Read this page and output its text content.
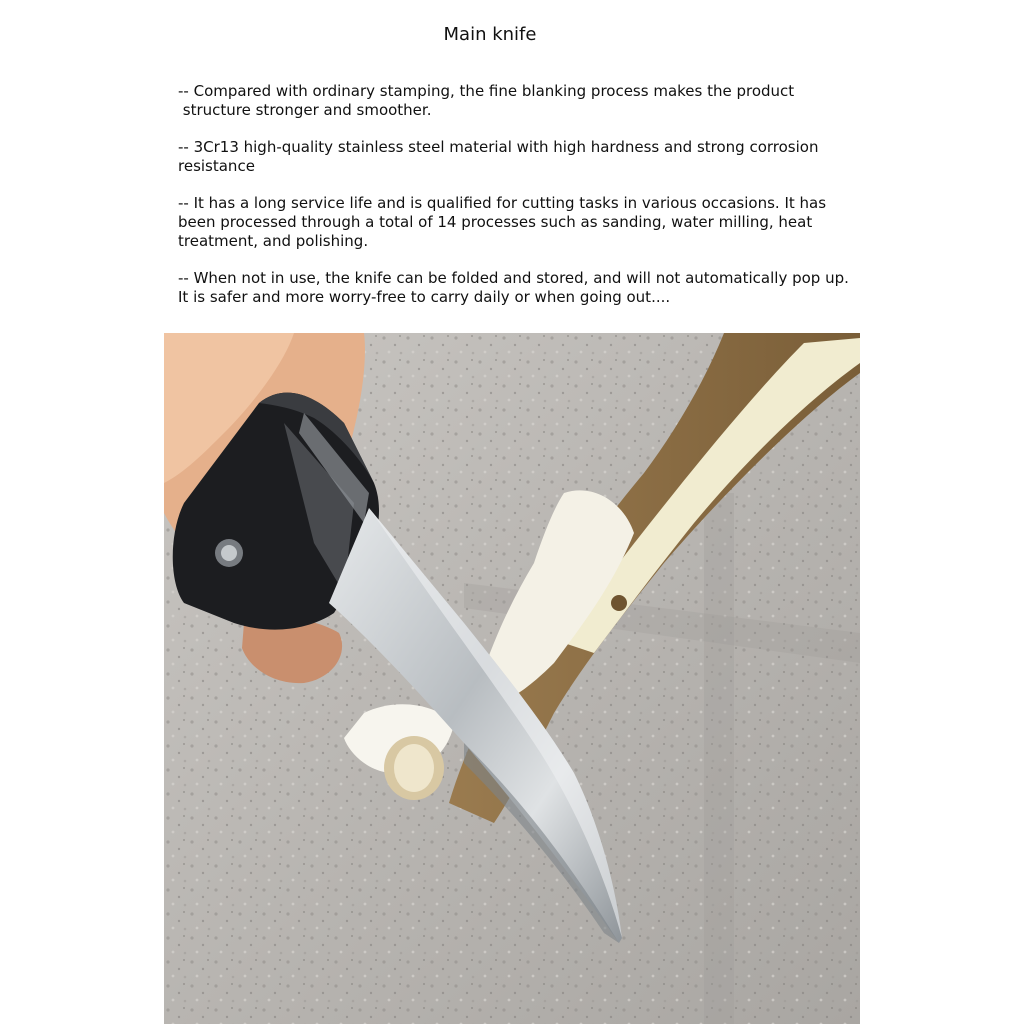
Main knife

-- Compared with ordinary stamping, the fine blanking process makes the product
structure stronger and smoother.

-- 3Cr13 high-quality stainless steel material with high hardness and strong corrosion
resistance

-- It has a long service life and is qualified for cutting tasks in various occasions. It has
been processed through a total of 14 processes such as sanding, water milling, heat
treatment, and polishing.

-- When not in use, the knife can be folded and stored, and will not automatically pop up.
It is safer and more worry-free to carry daily or when going out....
